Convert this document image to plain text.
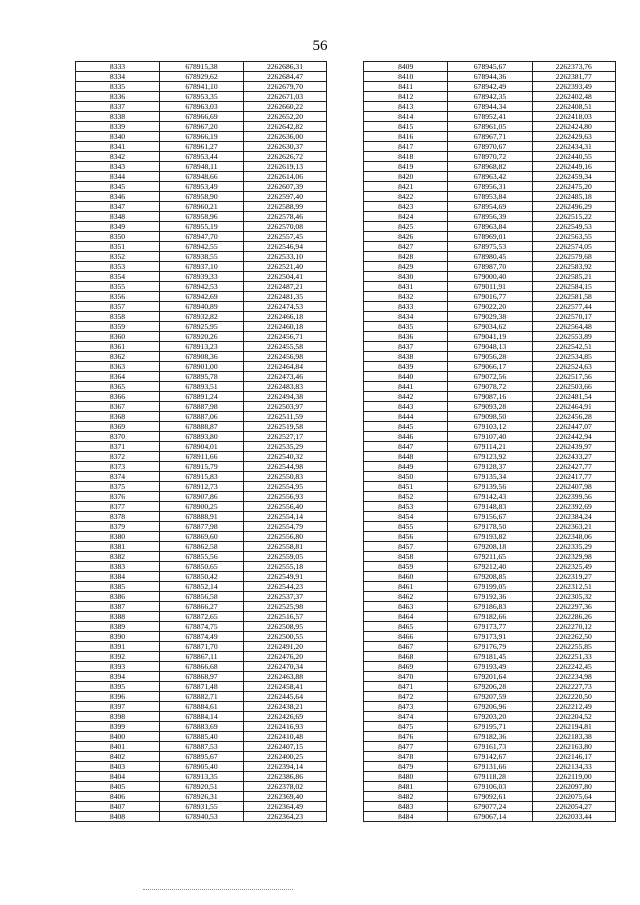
56
8333	678915,38	2262686,31
8334	678929,62	2262684,47
8335	678941,10	2262679,70
8336	678953,35	2262671,03
8337	678963,03	2262660,22
8338	678966,69	2262652,20
8339	678967,20	2262642,82
8340	678966,19	2262636,00
8341	678961,27	2262630,37
8342	678953,44	2262626,72
8343	678948,11	2262619,13
8344	678948,66	2262614,06
8345	678953,49	2262607,39
8346	678958,90	2262597,40
8347	678960,21	2262588,99
8348	678958,96	2262578,46
8349	678955,19	2262570,08
8350	678947,70	2262557,45
8351	678942,55	2262546,94
8352	678938,55	2262533,10
8353	678937,10	2262521,40
8354	678939,33	2262504,41
8355	678942,53	2262487,21
8356	678942,69	2262481,35
8357	678940,89	2262474,53
8358	678932,82	2262466,18
8359	678925,95	2262460,18
8360	678920,26	2262456,71
8361	678913,23	2262455,58
8362	678908,36	2262456,98
8363	678901,00	2262464,84
8364	678895,78	2262473,46
8365	678893,51	2262483,83
8366	678891,24	2262494,38
8367	678887,98	2262503,97
8368	678887,06	2262511,59
8369	678888,87	2262519,58
8370	678893,80	2262527,17
8371	678904,01	2262535,29
8372	678911,66	2262540,32
8373	678915,79	2262544,98
8374	678915,83	2262550,83
8375	678912,73	2262554,95
8376	678907,86	2262556,93
8377	678900,25	2262556,40
8378	678888,91	2262554,14
8379	678877,98	2262554,79
8380	678869,60	2262556,80
8381	678862,58	2262558,81
8382	678855,56	2262559,05
8383	678850,65	2262555,18
8384	678850,42	2262549,91
8385	678852,14	2262544,23
8386	678856,58	2262537,37
8387	678866,27	2262525,98
8388	678872,65	2262516,57
8389	678874,75	2262508,95
8390	678874,49	2262500,55
8391	678871,70	2262491,20
8392	678867,11	2262476,20
8393	678866,68	2262470,34
8394	678868,97	2262463,88
8395	678871,48	2262458,41
8396	678882,71	2262445,64
8397	678884,61	2262438,21
8398	678884,14	2262426,69
8399	678883,69	2262416,93
8400	678885,40	2262410,48
8401	678887,53	2262407,15
8402	678895,67	2262400,25
8403	678905,40	2262394,14
8404	678913,35	2262386,86
8405	678920,51	2262378,02
8406	678926,31	2262369,40
8407	678931,55	2262364,49
8408	678940,53	2262364,23
8409	678945,67	2262373,76
8410	678944,36	2262381,77
8411	678942,49	2262393,49
8412	678942,35	2262402,48
8413	678944,34	2262408,51
8414	678952,41	2262418,03
8415	678961,05	2262424,80
8416	678967,71	2262429,63
8417	678970,67	2262434,31
8418	678970,72	2262440,55
8419	678968,82	2262449,16
8420	678963,42	2262459,34
8421	678956,31	2262475,20
8422	678953,84	2262485,18
8423	678954,69	2262496,29
8424	678956,39	2262515,22
8425	678963,84	2262549,53
8426	678969,01	2262563,55
8427	678975,53	2262574,05
8428	678980,45	2262579,68
8429	678987,70	2262583,92
8430	679000,40	2262585,21
8431	679011,91	2262584,15
8432	679016,77	2262581,58
8433	679022,20	2262577,44
8434	679029,38	2262570,17
8435	679034,62	2262564,48
8436	679041,19	2262553,89
8437	679048,13	2262542,51
8438	679056,28	2262534,85
8439	679066,17	2262524,63
8440	679072,56	2262517,56
8441	679078,72	2262503,66
8442	679087,16	2262481,54
8443	679093,28	2262464,91
8444	679098,50	2262456,28
8445	679103,12	2262447,07
8446	679107,40	2262442,94
8447	679114,21	2262439,97
8448	679123,92	2262433,27
8449	679128,37	2262427,77
8450	679135,34	2262417,77
8451	679139,56	2262407,98
8452	679142,43	2262399,56
8453	679148,83	2262392,69
8454	679156,67	2262384,24
8455	679178,50	2262363,21
8456	679193,82	2262348,06
8457	679208,18	2262335,29
8458	679211,65	2262329,98
8459	679212,40	2262325,49
8460	679208,85	2262319,27
8461	679199,05	2262312,51
8462	679192,36	2262305,32
8463	679186,83	2262297,36
8464	679182,66	2262286,26
8465	679173,77	2262270,12
8466	679173,91	2262262,50
8467	679176,79	2262255,85
8468	679181,45	2262251,33
8469	679193,49	2262242,45
8470	679201,64	2262234,98
8471	679206,28	2262227,73
8472	679207,59	2262220,50
8473	679206,96	2262212,49
8474	679203,20	2262204,52
8475	679195,71	2262194,81
8476	679182,36	2262183,38
8477	679161,73	2262163,80
8478	679142,67	2262146,17
8479	679131,66	2262134,33
8480	679118,28	2262119,00
8481	679106,03	2262097,80
8482	679092,61	2262075,64
8483	679077,24	2262054,27
8484	679067,14	2262033,44
